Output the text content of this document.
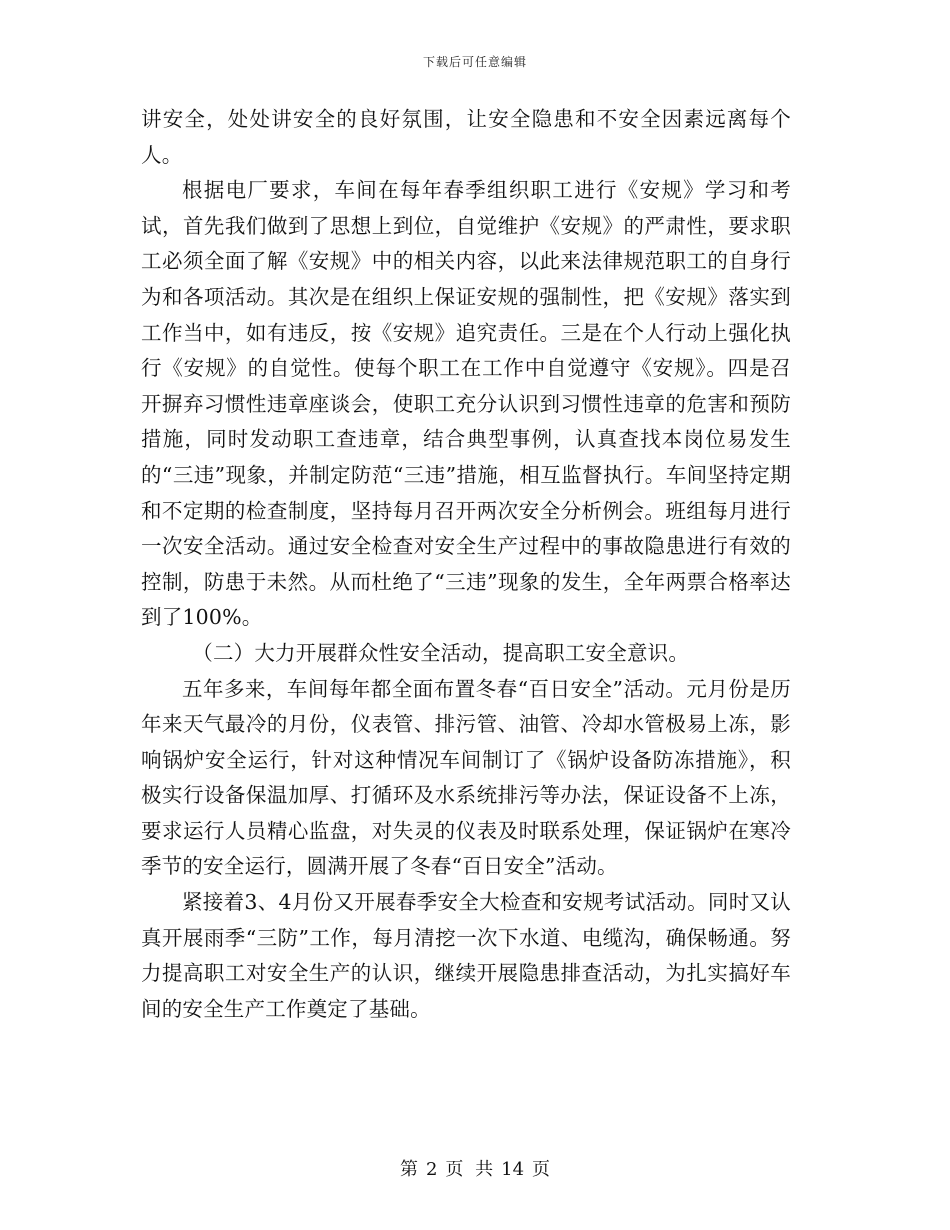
下载后可任意编辑

讲安全，处处讲安全的良好氛围，让安全隐患和不安全因素远离每个人。

根据电厂要求，车间在每年春季组织职工进行《安规》学习和考试，首先我们做到了思想上到位，自觉维护《安规》的严肃性，要求职工必须全面了解《安规》中的相关内容，以此来法律规范职工的自身行为和各项活动。其次是在组织上保证安规的强制性，把《安规》落实到工作当中，如有违反，按《安规》追究责任。三是在个人行动上强化执行《安规》的自觉性。使每个职工在工作中自觉遵守《安规》。四是召开摒弃习惯性违章座谈会，使职工充分认识到习惯性违章的危害和预防措施，同时发动职工查违章，结合典型事例，认真查找本岗位易发生的“三违”现象，并制定防范“三违”措施，相互监督执行。车间坚持定期和不定期的检查制度，坚持每月召开两次安全分析例会。班组每月进行一次安全活动。通过安全检查对安全生产过程中的事故隐患进行有效的控制，防患于未然。从而杜绝了“三违”现象的发生，全年两票合格率达到了100%。

（二）大力开展群众性安全活动，提高职工安全意识。

五年多来，车间每年都全面布置冬春“百日安全”活动。元月份是历年来天气最冷的月份，仪表管、排污管、油管、冷却水管极易上冻，影响锅炉安全运行，针对这种情况车间制订了《锅炉设备防冻措施》，积极实行设备保温加厚、打循环及水系统排污等办法，保证设备不上冻，要求运行人员精心监盘，对失灵的仪表及时联系处理，保证锅炉在寒冷季节的安全运行，圆满开展了冬春“百日安全”活动。

紧接着3、4月份又开展春季安全大检查和安规考试活动。同时又认真开展雨季“三防”工作，每月清挖一次下水道、电缆沟，确保畅通。努力提高职工对安全生产的认识，继续开展隐患排查活动，为扎实搞好车间的安全生产工作奠定了基础。

第 2 页 共 14 页
